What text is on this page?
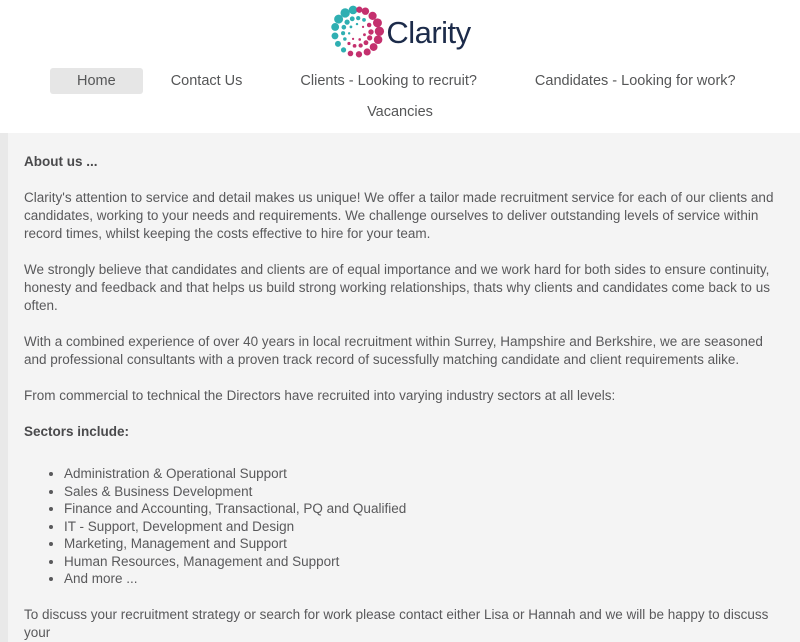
Clarity
Home	Contact Us	Clients - Looking to recruit?	Candidates - Looking for work?
Vacancies
About us ...

Clarity's attention to service and detail makes us unique! We offer a tailor made recruitment service for each of our clients and candidates, working to your needs and requirements. We challenge ourselves to deliver outstanding levels of service within record times, whilst keeping the costs effective to hire for your team.

We strongly believe that candidates and clients are of equal importance and we work hard for both sides to ensure continuity, honesty and feedback and that helps us build strong working relationships, thats why clients and candidates come back to us often.

With a combined experience of over 40 years in local recruitment within Surrey, Hampshire and Berkshire, we are seasoned and professional consultants with a proven track record of sucessfully matching candidate and client requirements alike.

From commercial to technical the Directors have recruited into varying industry sectors at all levels:

Sectors include:

• Administration & Operational Support
• Sales & Business Development
• Finance and Accounting, Transactional, PQ and Qualified
• IT - Support, Development and Design
• Marketing, Management and Support
• Human Resources, Management and Support
• And more ...

To discuss your recruitment strategy or search for work please contact either Lisa or Hannah and we will be happy to discuss your
